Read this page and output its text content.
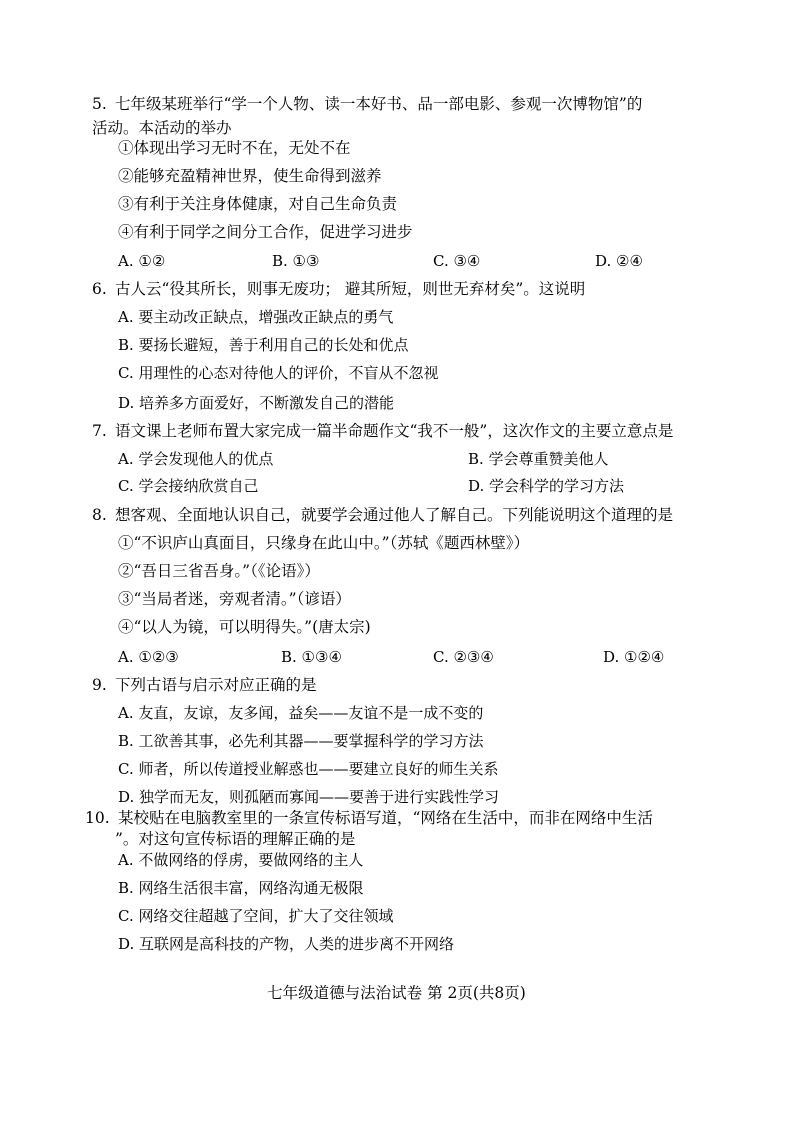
5. 七年级某班举行“学一个人物、读一本好书、品一部电影、参观一次博物馆”的
活动。本活动的举办
①体现出学习无时不在，无处不在
②能够充盈精神世界，使生命得到滋养
③有利于关注身体健康，对自己生命负责
④有利于同学之间分工合作，促进学习进步
A. ①②	B. ①③	C. ③④	D. ②④
6. 古人云“役其所长，则事无废功； 避其所短，则世无弃材矣”。这说明
A. 要主动改正缺点，增强改正缺点的勇气
B. 要扬长避短，善于利用自己的长处和优点
C. 用理性的心态对待他人的评价，不盲从不忽视
D. 培养多方面爱好，不断激发自己的潜能
7. 语文课上老师布置大家完成一篇半命题作文“我不一般”，这次作文的主要立意点是
A. 学会发现他人的优点	B. 学会尊重赞美他人
C. 学会接纳欣赏自己	D. 学会科学的学习方法
8. 想客观、全面地认识自己，就要学会通过他人了解自己。下列能说明这个道理的是
①“不识庐山真面目，只缘身在此山中。”（苏轼《题西林壁》）
②“吾日三省吾身。”（《论语》）
③“当局者迷，旁观者清。”（谚语）
④“以人为镜，可以明得失。”(唐太宗)
A. ①②③	B. ①③④	C. ②③④	D. ①②④
9. 下列古语与启示对应正确的是
A. 友直，友谅，友多闻，益矣——友谊不是一成不变的
B. 工欲善其事，必先利其器——要掌握科学的学习方法
C. 师者，所以传道授业解惑也——要建立良好的师生关系
D. 独学而无友，则孤陋而寡闻——要善于进行实践性学习
10. 某校贴在电脑教室里的一条宣传标语写道，“网络在生活中，而非在网络中生活
”。对这句宣传标语的理解正确的是
A. 不做网络的俘虏，要做网络的主人
B. 网络生活很丰富，网络沟通无极限
C. 网络交往超越了空间，扩大了交往领域
D. 互联网是高科技的产物，人类的进步离不开网络
七年级道德与法治试卷 第 2页(共8页)
